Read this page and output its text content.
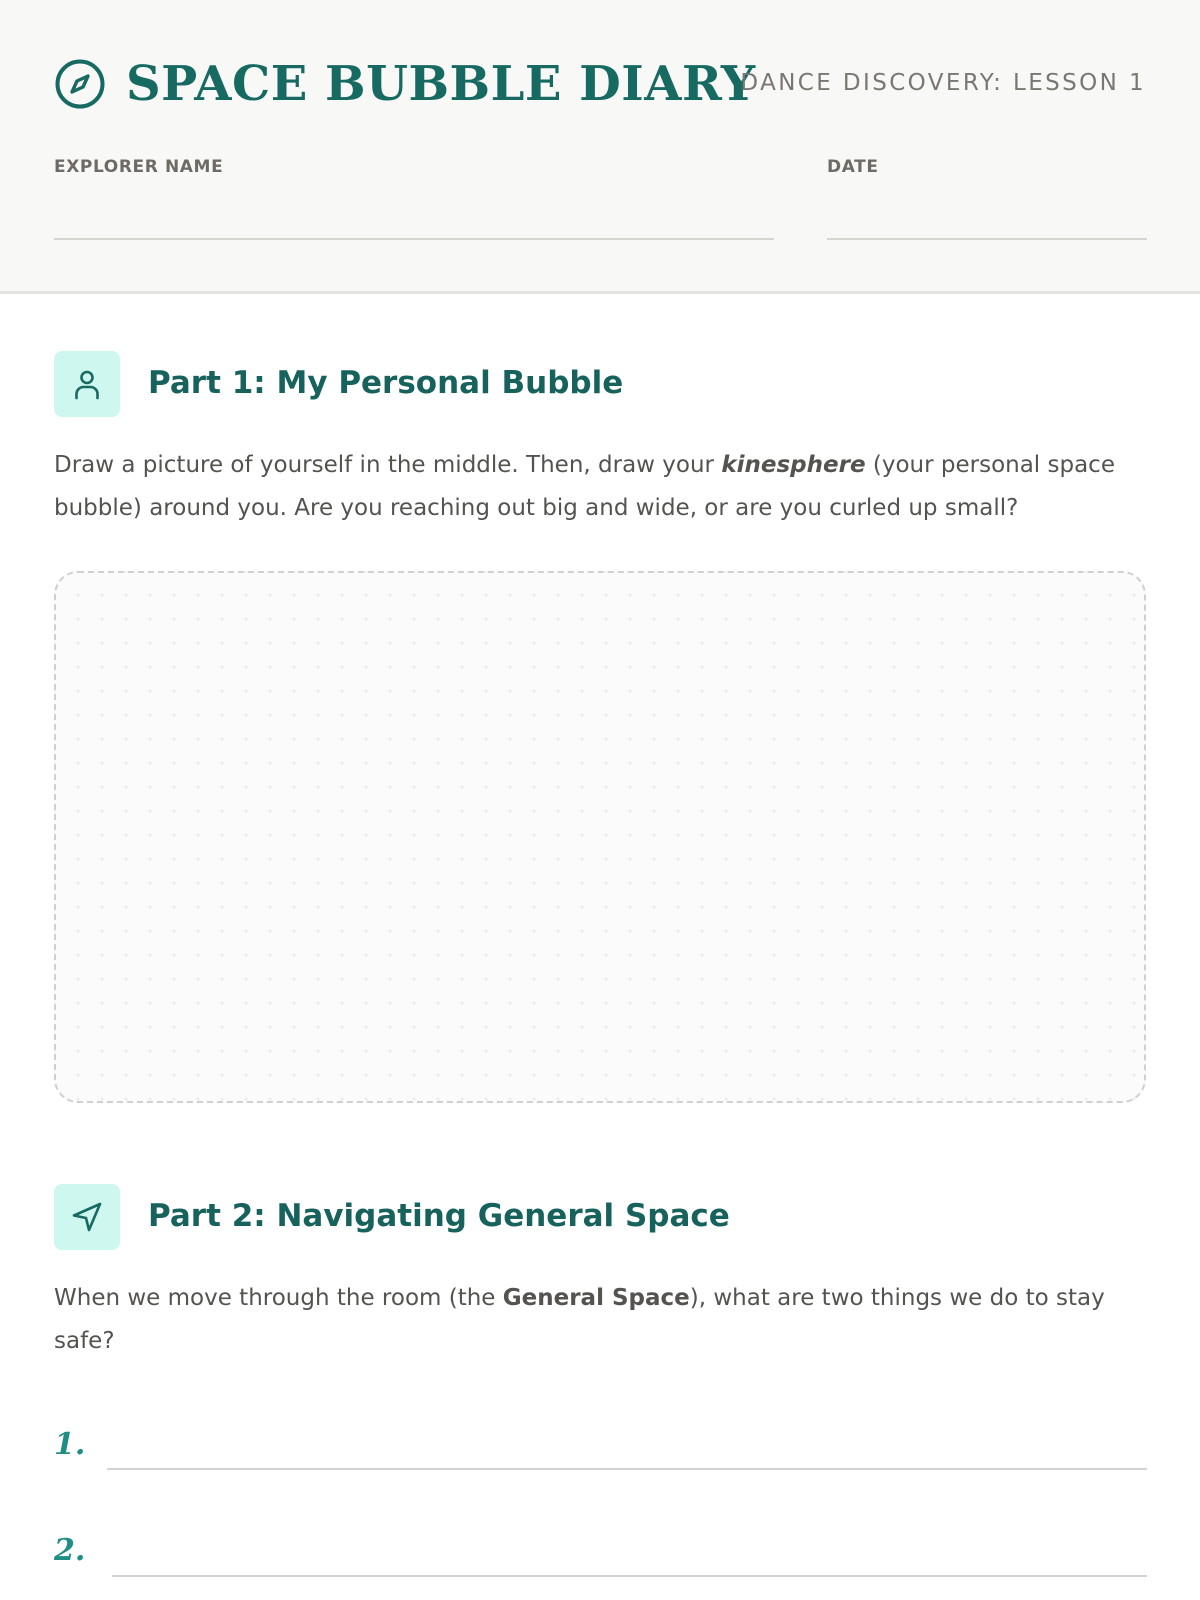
SPACE BUBBLE DIARY
DANCE DISCOVERY: LESSON 1
EXPLORER NAME	DATE
Part 1: My Personal Bubble
Draw a picture of yourself in the middle. Then, draw your kinesphere (your personal space bubble) around you. Are you reaching out big and wide, or are you curled up small?
Part 2: Navigating General Space
When we move through the room (the General Space), what are two things we do to stay safe?
1.
2.
